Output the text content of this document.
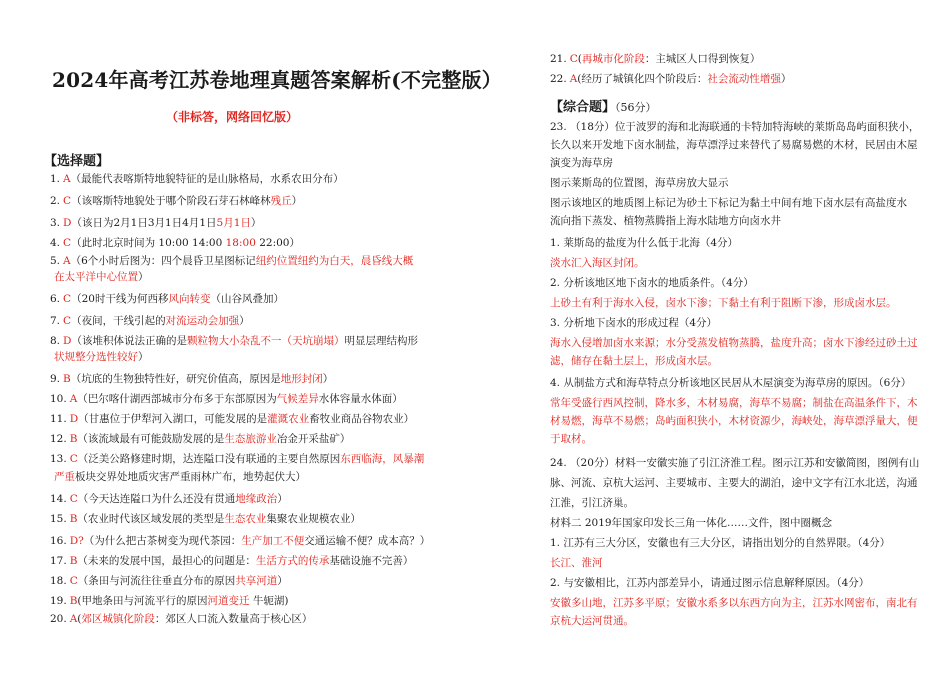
2024年高考江苏卷地理真题答案解析(不完整版）
（非标答，网络回忆版）
【选择题】
1. A（最能代表喀斯特地貌特征的是山脉格局，水系农田分布）
2. C（该喀斯特地貌处于哪个阶段石芽石林峰林残丘）
3. D（该日为2月1日3月1日4月1日5月1日）
4. C（此时北京时间为 10:00 14:00 18:00 22:00）
5. A（6个小时后图为：四个晨昏卫星图标记纽约位置纽约为白天，晨昏线大概
在太平洋中心位置）
6. C（20时干线为何西移风向转变（山谷风叠加）
7. C（夜间，干线引起的对流运动会加强）
8. D（该堆积体说法正确的是颗粒物大小杂乱不一（天坑崩塌）明显层理结构形
状规整分选性较好）
9. B（坑底的生物独特性好，研究价值高，原因是地形封闭）
10. A（巴尔喀什湖西部城市分布多于东部原因为气候差异水体容量水体面）
11. D（甘惠位于伊犁河入湖口，可能发展的是灌溉农业畜牧业商品谷物农业）
12. B（该流域最有可能鼓励发展的是生态旅游业冶金开采盐矿）
13. C（泛美公路修建时期，达连隘口没有联通的主要自然原因东西临海，风暴潮
严重板块交界处地质灾害严重雨林广布，地势起伏大）
14. C（今天达连隘口为什么还没有贯通地缘政治）
15. B（农业时代该区域发展的类型是生态农业集聚农业规模农业）
16. D?（为什么把古茶树变为现代茶园：生产加工不便交通运输不便？成本高？）
17. B（未来的发展中国，最担心的问题是：生活方式的传承基础设施不完善）
18. C（条田与河流往往垂直分布的原因共享河道）
19. B(甲地条田与河流平行的原因河道变迁 牛轭湖)
20. A(郊区城镇化阶段：郊区人口流入数量高于核心区）
21. C(再城市化阶段：主城区人口得到恢复）
22. A(经历了城镇化四个阶段后：社会流动性增强）
【综合题】（56分）
23. （18分）位于波罗的海和北海联通的卡特加特海峡的莱斯岛岛屿面积狭小，
长久以来开发地下卤水制盐，海草漂浮过来替代了易腐易燃的木材，民居由木屋
演变为海草房
图示莱斯岛的位置图，海草房放大显示
图示该地区的地质图上标记为砂土下标记为黏土中间有地下卤水层有高盐度水
流向指下蒸发、植物蒸腾指上海水陆地方向卤水井
1. 莱斯岛的盐度为什么低于北海（4分）
淡水汇入海区封闭。
2. 分析该地区地下卤水的地质条件。（4分）
上砂土有利于海水入侵，卤水下渗；下黏土有利于阻断下渗，形成卤水层。
3. 分析地下卤水的形成过程（4分）
海水入侵增加卤水来源；水分受蒸发植物蒸腾，盐度升高；卤水下渗经过砂土过
滤，储存在黏土层上，形成卤水层。
4. 从制盐方式和海草特点分析该地区民居从木屋演变为海草房的原因。（6分）
常年受盛行西风控制，降水多，木材易腐，海草不易腐；制盐在高温条件下，木
材易燃，海草不易燃；岛屿面积狭小，木材资源少，海峡处，海草漂浮量大，便
于取材。
24. （20分）材料一安徽实施了引江济淮工程。图示江苏和安徽简图，图例有山
脉、河流、京杭大运河、主要城市、主要大的湖泊，途中文字有江水北送，沟通
江淮，引江济巢。
材料二 2019年国家印发长三角一体化……文件，图中圈概念
1. 江苏有三大分区，安徽也有三大分区，请指出划分的自然界限。（4分）
长江、淮河
2. 与安徽相比，江苏内部差异小，请通过图示信息解释原因。（4分）
安徽多山地，江苏多平原；安徽水系多以东西方向为主，江苏水网密布，南北有
京杭大运河贯通。
